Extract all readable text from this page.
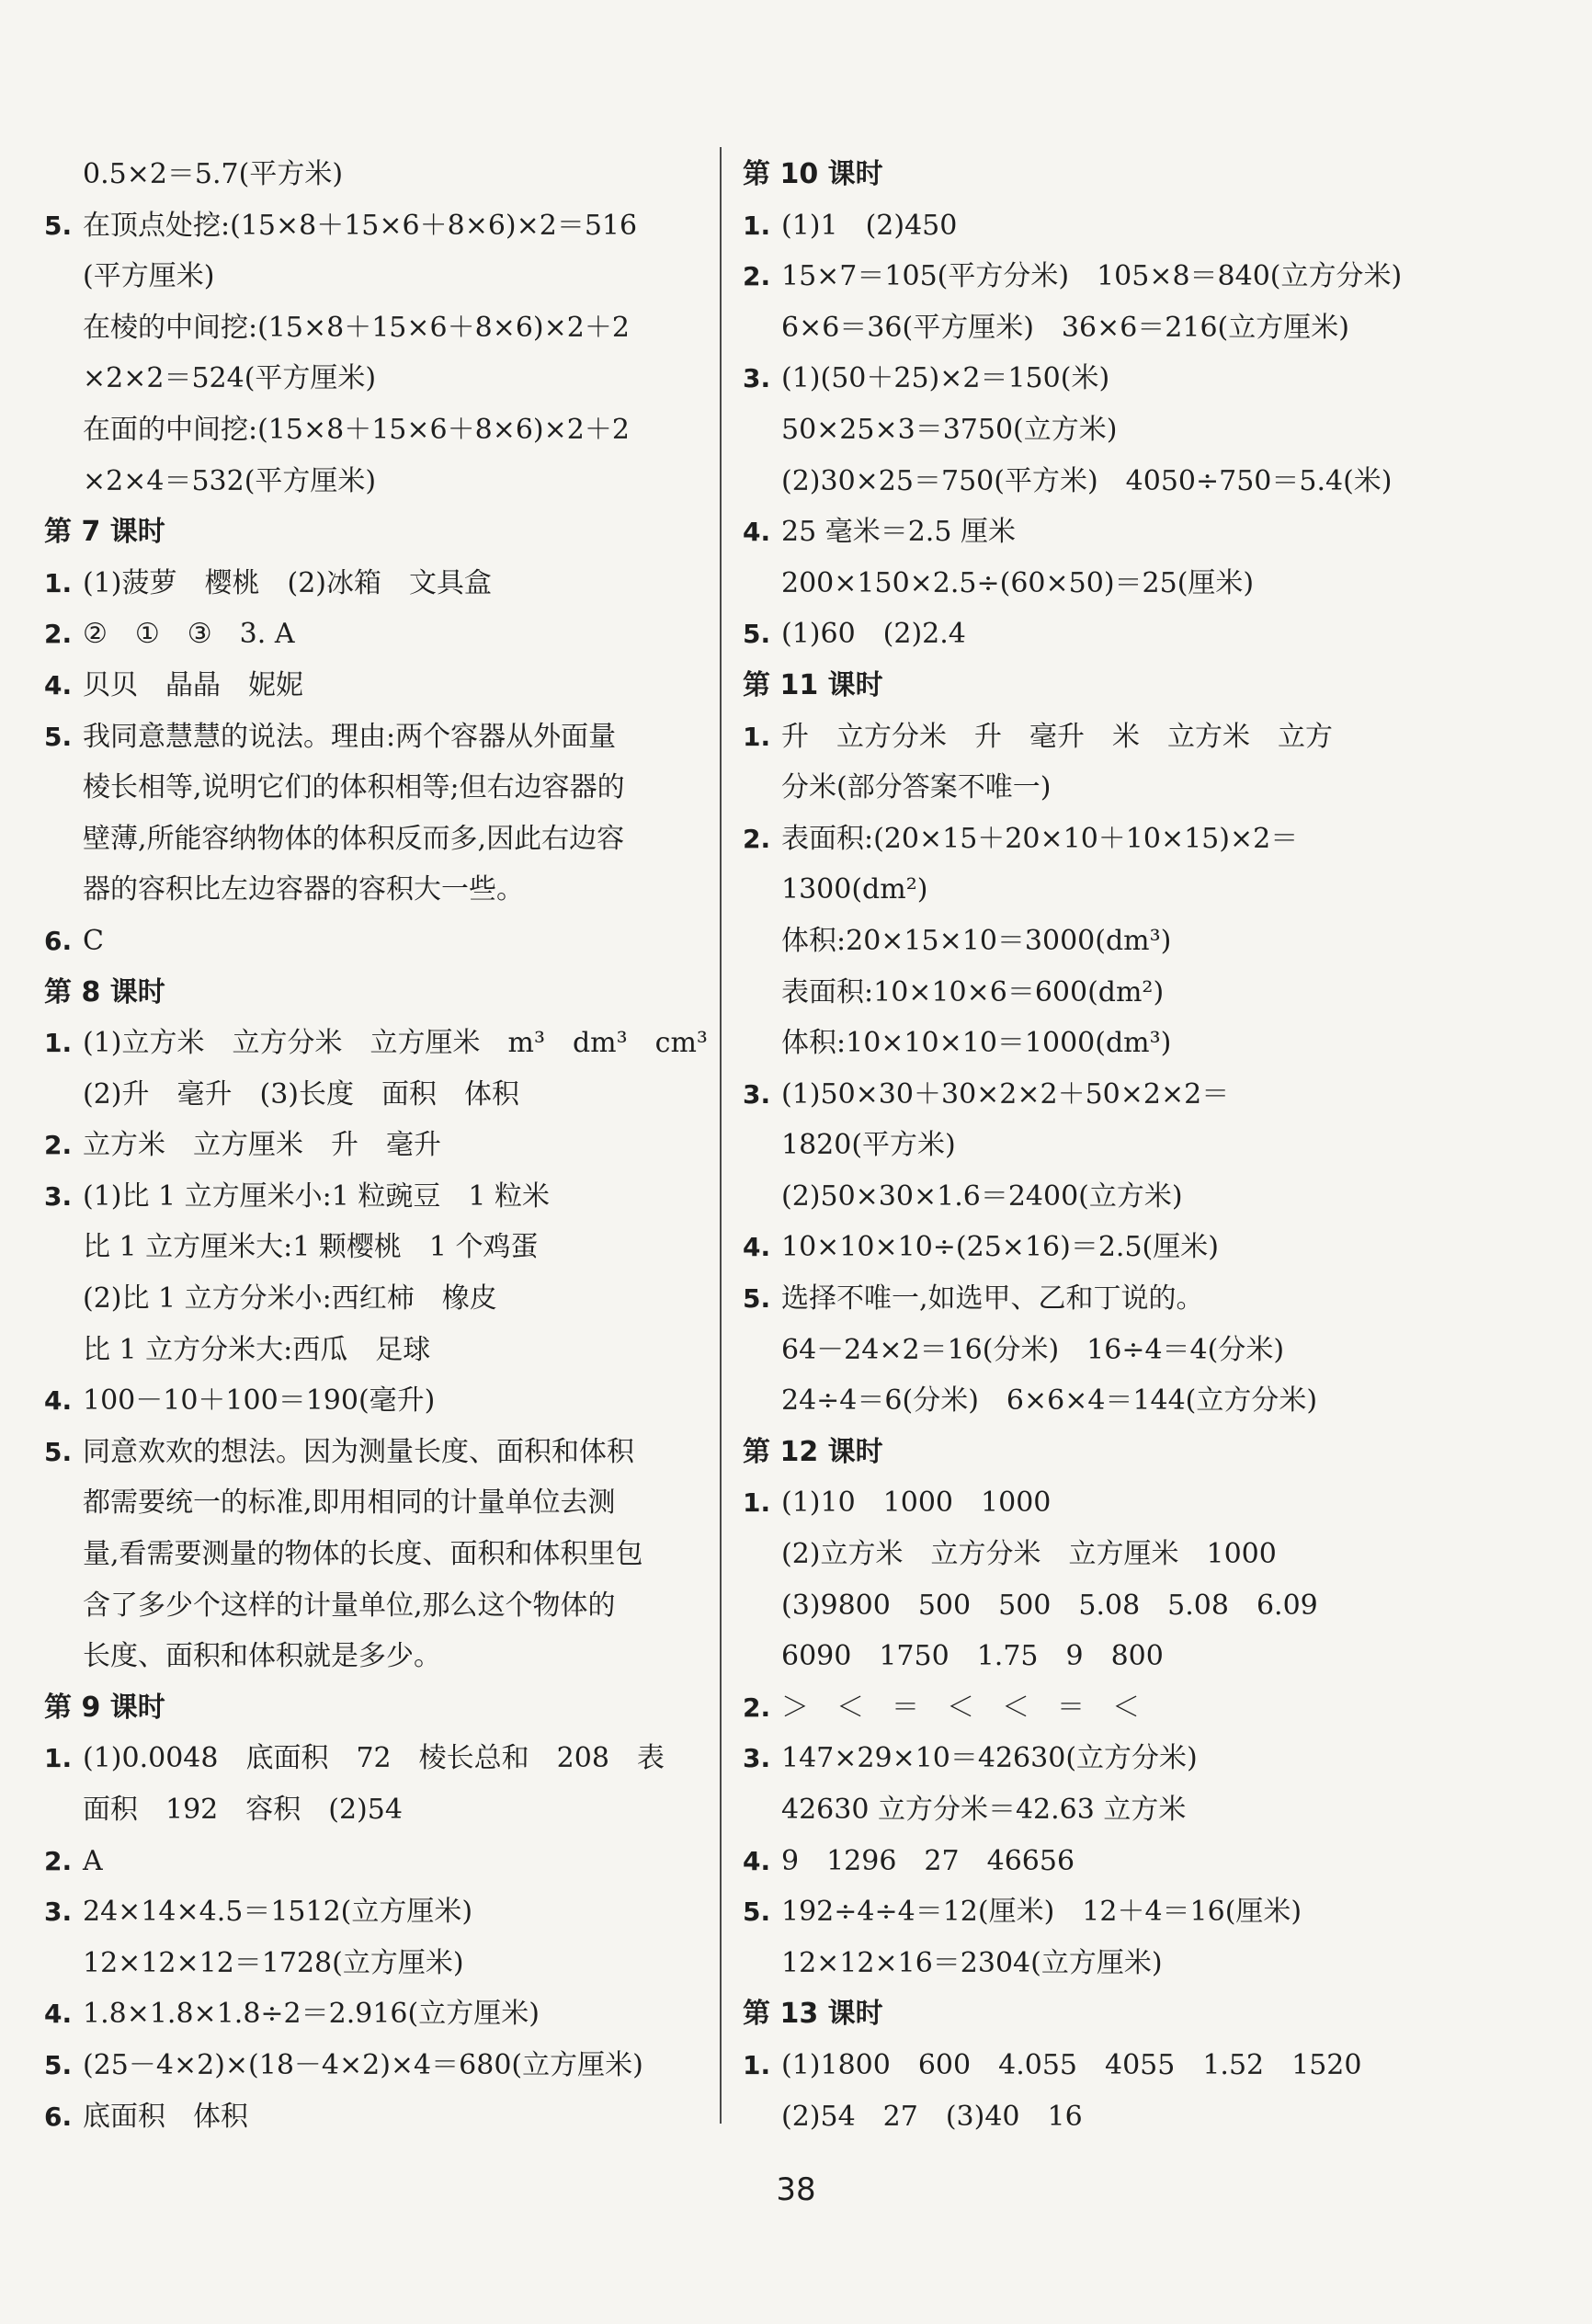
0.5×2＝5.7(平方米)
5. 在顶点处挖:(15×8＋15×6＋8×6)×2＝516
(平方厘米)
在棱的中间挖:(15×8＋15×6＋8×6)×2＋2
×2×2＝524(平方厘米)
在面的中间挖:(15×8＋15×6＋8×6)×2＋2
×2×4＝532(平方厘米)
第 7 课时
1. (1)菠萝　樱桃　(2)冰箱　文具盒
2. ②　①　③　3. A
4. 贝贝　晶晶　妮妮
5. 我同意慧慧的说法。理由:两个容器从外面量
棱长相等,说明它们的体积相等;但右边容器的
壁薄,所能容纳物体的体积反而多,因此右边容
器的容积比左边容器的容积大一些。
6. C
第 8 课时
1. (1)立方米　立方分米　立方厘米　m³　dm³　cm³
(2)升　毫升　(3)长度　面积　体积
2. 立方米　立方厘米　升　毫升
3. (1)比 1 立方厘米小:1 粒豌豆　1 粒米
比 1 立方厘米大:1 颗樱桃　1 个鸡蛋
(2)比 1 立方分米小:西红柿　橡皮
比 1 立方分米大:西瓜　足球
4. 100－10＋100＝190(毫升)
5. 同意欢欢的想法。因为测量长度、面积和体积
都需要统一的标准,即用相同的计量单位去测
量,看需要测量的物体的长度、面积和体积里包
含了多少个这样的计量单位,那么这个物体的
长度、面积和体积就是多少。
第 9 课时
1. (1)0.0048　底面积　72　棱长总和　208　表
面积　192　容积　(2)54
2. A
3. 24×14×4.5＝1512(立方厘米)
12×12×12＝1728(立方厘米)
4. 1.8×1.8×1.8÷2＝2.916(立方厘米)
5. (25－4×2)×(18－4×2)×4＝680(立方厘米)
6. 底面积　体积
第 10 课时
1. (1)1　(2)450
2. 15×7＝105(平方分米)　105×8＝840(立方分米)
6×6＝36(平方厘米)　36×6＝216(立方厘米)
3. (1)(50＋25)×2＝150(米)
50×25×3＝3750(立方米)
(2)30×25＝750(平方米)　4050÷750＝5.4(米)
4. 25 毫米＝2.5 厘米
200×150×2.5÷(60×50)＝25(厘米)
5. (1)60　(2)2.4
第 11 课时
1. 升　立方分米　升　毫升　米　立方米　立方
分米(部分答案不唯一)
2. 表面积:(20×15＋20×10＋10×15)×2＝
1300(dm²)
体积:20×15×10＝3000(dm³)
表面积:10×10×6＝600(dm²)
体积:10×10×10＝1000(dm³)
3. (1)50×30＋30×2×2＋50×2×2＝
1820(平方米)
(2)50×30×1.6＝2400(立方米)
4. 10×10×10÷(25×16)＝2.5(厘米)
5. 选择不唯一,如选甲、乙和丁说的。
64－24×2＝16(分米)　16÷4＝4(分米)
24÷4＝6(分米)　6×6×4＝144(立方分米)
第 12 课时
1. (1)10　1000　1000
(2)立方米　立方分米　立方厘米　1000
(3)9800　500　500　5.08　5.08　6.09
6090　1750　1.75　9　800
2. ＞　＜　＝　＜　＜　＝　＜
3. 147×29×10＝42630(立方分米)
42630 立方分米＝42.63 立方米
4. 9　1296　27　46656
5. 192÷4÷4＝12(厘米)　12＋4＝16(厘米)
12×12×16＝2304(立方厘米)
第 13 课时
1. (1)1800　600　4.055　4055　1.52　1520
(2)54　27　(3)40　16
38
